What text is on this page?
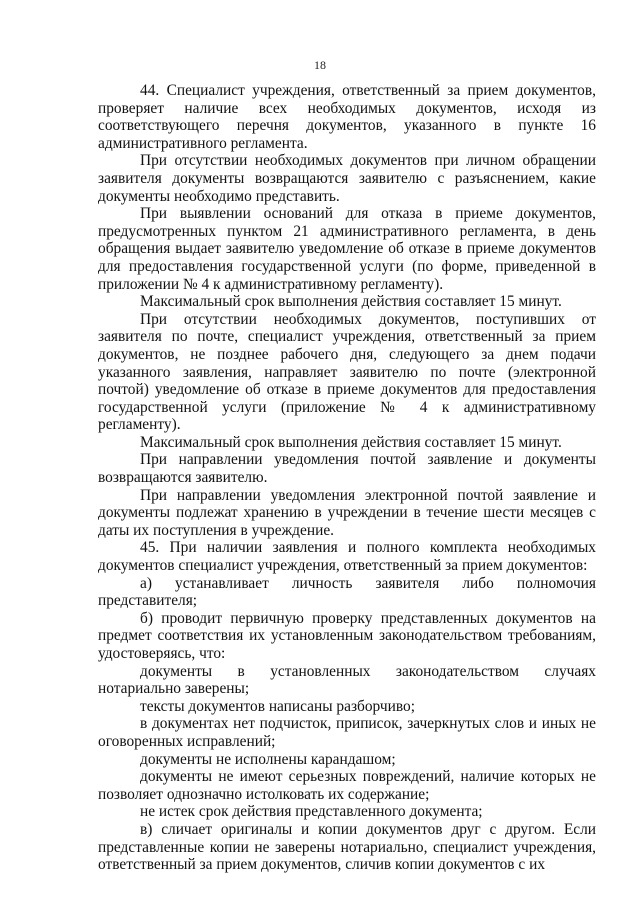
18

44. Специалист учреждения, ответственный за прием документов, проверяет наличие всех необходимых документов, исходя из соответствующего перечня документов, указанного в пункте 16 административного регламента.

При отсутствии необходимых документов при личном обращении заявителя документы возвращаются заявителю с разъяснением, какие документы необходимо представить.

При выявлении оснований для отказа в приеме документов, предусмотренных пунктом 21 административного регламента, в день обращения выдает заявителю уведомление об отказе в приеме документов для предоставления государственной услуги (по форме, приведенной в приложении № 4 к административному регламенту).

Максимальный срок выполнения действия составляет 15 минут.

При отсутствии необходимых документов, поступивших от заявителя по почте, специалист учреждения, ответственный за прием документов, не позднее рабочего дня, следующего за днем подачи указанного заявления, направляет заявителю по почте (электронной почтой) уведомление об отказе в приеме документов для предоставления государственной услуги (приложение № 4 к административному регламенту).

Максимальный срок выполнения действия составляет 15 минут.

При направлении уведомления почтой заявление и документы возвращаются заявителю.

При направлении уведомления электронной почтой заявление и документы подлежат хранению в учреждении в течение шести месяцев с даты их поступления в учреждение.

45. При наличии заявления и полного комплекта необходимых документов специалист учреждения, ответственный за прием документов:

а) устанавливает личность заявителя либо полномочия представителя;

б) проводит первичную проверку представленных документов на предмет соответствия их установленным законодательством требованиям, удостоверяясь, что:

документы в установленных законодательством случаях нотариально заверены;

тексты документов написаны разборчиво;

в документах нет подчисток, приписок, зачеркнутых слов и иных не оговоренных исправлений;

документы не исполнены карандашом;

документы не имеют серьезных повреждений, наличие которых не позволяет однозначно истолковать их содержание;

не истек срок действия представленного документа;

в) сличает оригиналы и копии документов друг с другом. Если представленные копии не заверены нотариально, специалист учреждения, ответственный за прием документов, сличив копии документов с их
